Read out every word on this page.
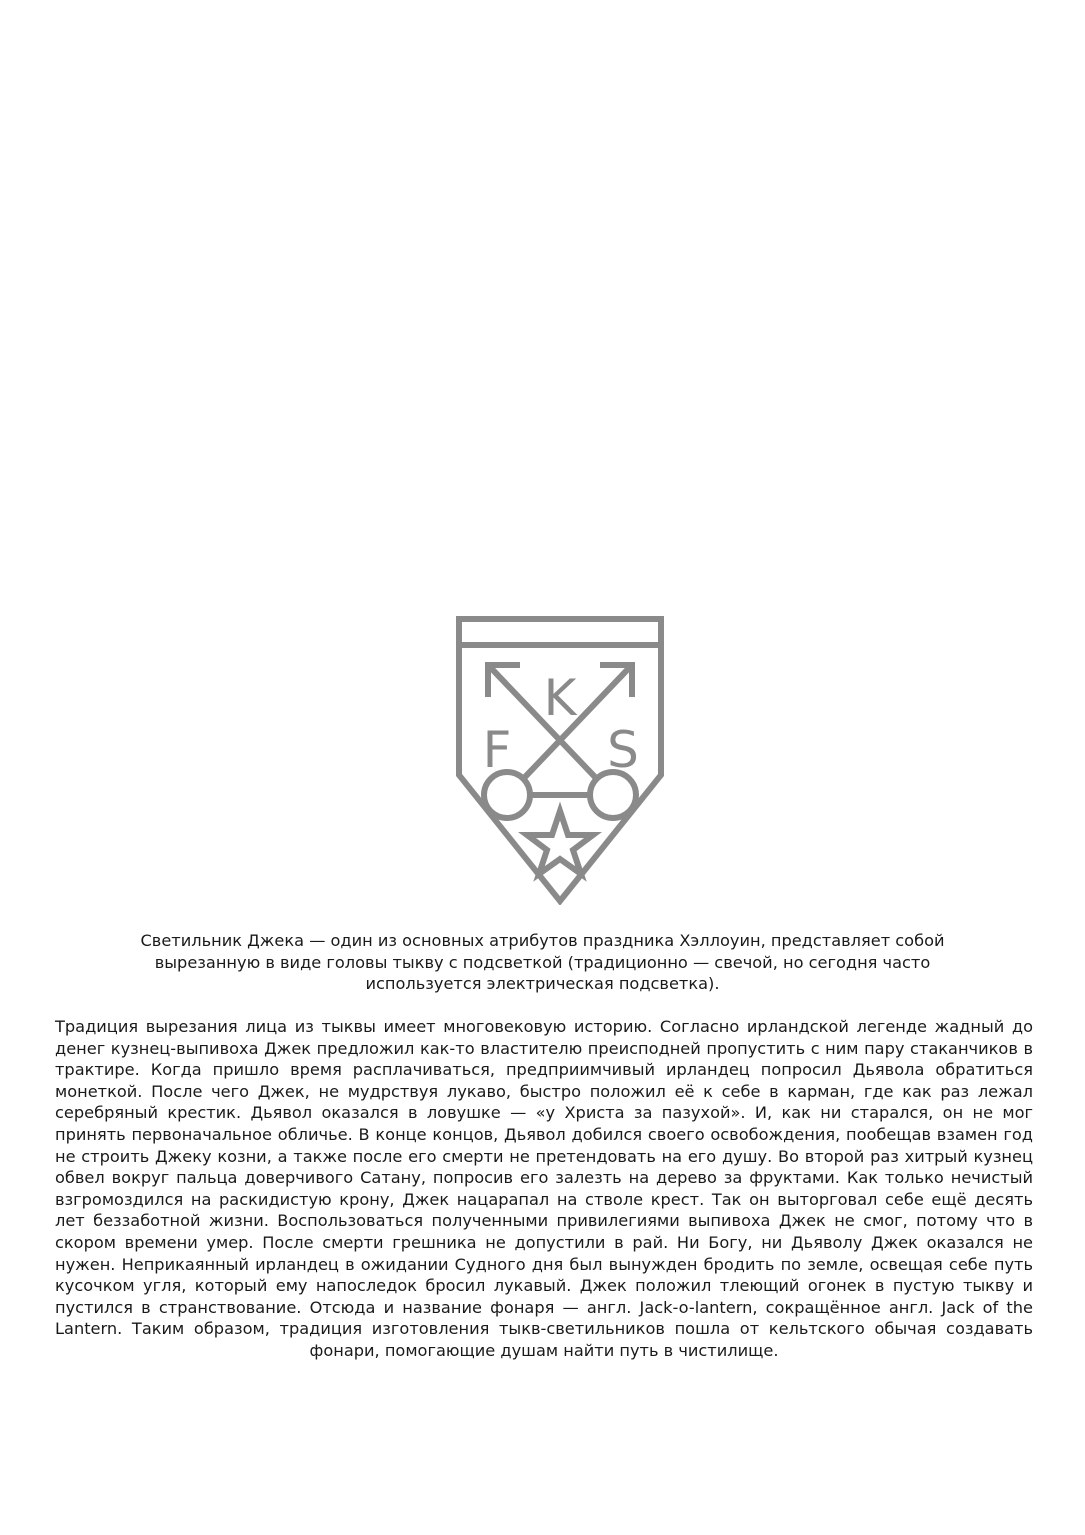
K
F S

Светильник Джека — один из основных атрибутов праздника Хэллоуин, представляет собой вырезанную в виде головы тыкву с подсветкой (традиционно — свечой, но сегодня часто используется электрическая подсветка).

Традиция вырезания лица из тыквы имеет многовековую историю. Согласно ирландской легенде жадный до денег кузнец-выпивоха Джек предложил как-то властителю преисподней пропустить с ним пару стаканчиков в трактире. Когда пришло время расплачиваться, предприимчивый ирландец попросил Дьявола обратиться монеткой. После чего Джек, не мудрствуя лукаво, быстро положил её к себе в карман, где как раз лежал серебряный крестик. Дьявол оказался в ловушке — «у Христа за пазухой». И, как ни старался, он не мог принять первоначальное обличье. В конце концов, Дьявол добился своего освобождения, пообещав взамен год не строить Джеку козни, а также после его смерти не претендовать на его душу. Во второй раз хитрый кузнец обвел вокруг пальца доверчивого Сатану, попросив его залезть на дерево за фруктами. Как только нечистый взгромоздился на раскидистую крону, Джек нацарапал на стволе крест. Так он выторговал себе ещё десять лет беззаботной жизни. Воспользоваться полученными привилегиями выпивоха Джек не смог, потому что в скором времени умер. После смерти грешника не допустили в рай. Ни Богу, ни Дьяволу Джек оказался не нужен. Неприкаянный ирландец в ожидании Судного дня был вынужден бродить по земле, освещая себе путь кусочком угля, который ему напоследок бросил лукавый. Джек положил тлеющий огонек в пустую тыкву и пустился в странствование. Отсюда и название фонаря — англ. Jack-o-lantern, сокращённое англ. Jack of the Lantern. Таким образом, традиция изготовления тыкв-светильников пошла от кельтского обычая создавать фонари, помогающие душам найти путь в чистилище.
